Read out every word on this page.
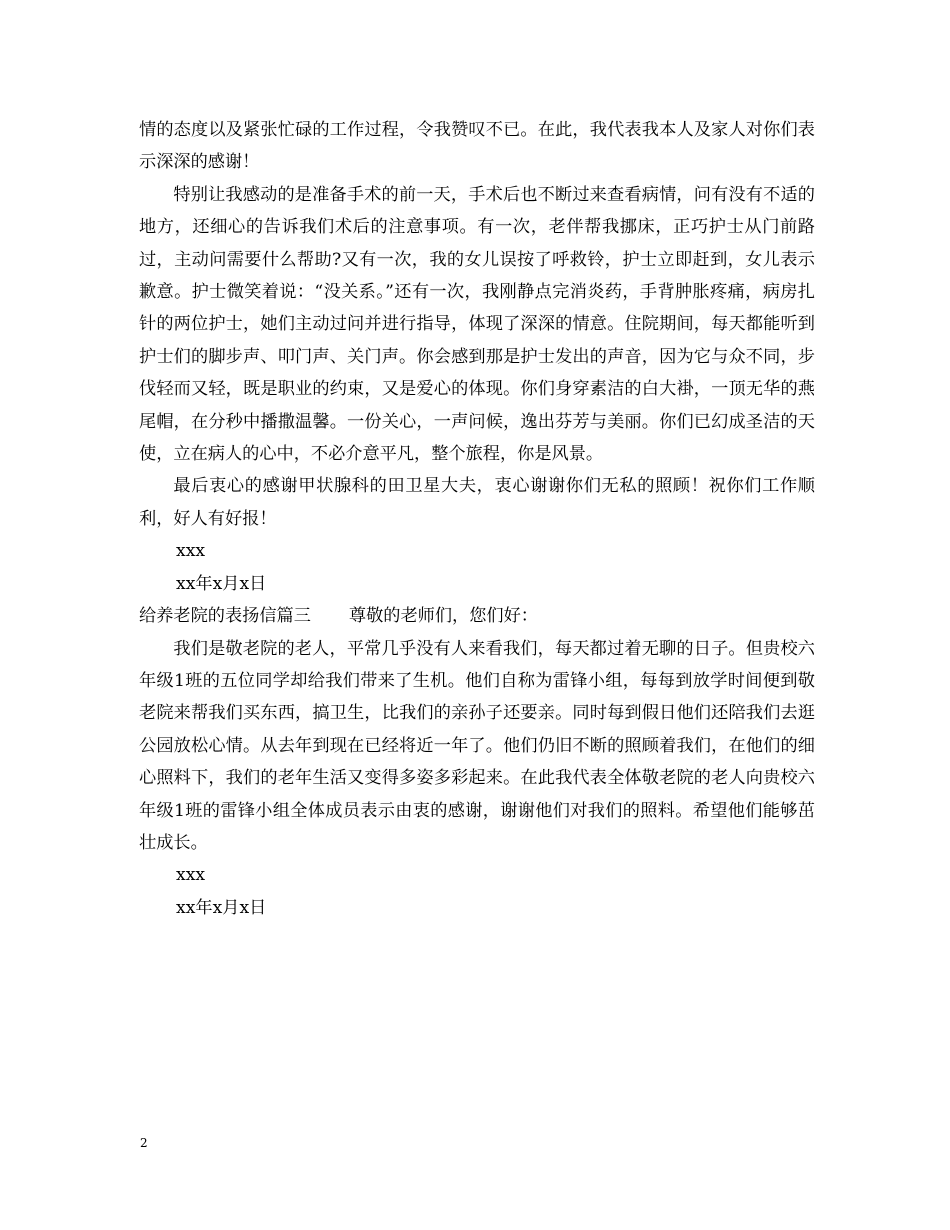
情的态度以及紧张忙碌的工作过程，令我赞叹不已。在此，我代表我本人及家人对你们表示深深的感谢！

特别让我感动的是准备手术的前一天，手术后也不断过来查看病情，问有没有不适的地方，还细心的告诉我们术后的注意事项。有一次，老伴帮我挪床，正巧护士从门前路过，主动问需要什么帮助?又有一次，我的女儿误按了呼救铃，护士立即赶到，女儿表示歉意。护士微笑着说：“没关系。”还有一次，我刚静点完消炎药，手背肿胀疼痛，病房扎针的两位护士，她们主动过问并进行指导，体现了深深的情意。住院期间，每天都能听到护士们的脚步声、叩门声、关门声。你会感到那是护士发出的声音，因为它与众不同，步伐轻而又轻，既是职业的约束，又是爱心的体现。你们身穿素洁的白大褂，一顶无华的燕尾帽，在分秒中播撒温馨。一份关心，一声问候，逸出芬芳与美丽。你们已幻成圣洁的天使，立在病人的心中，不必介意平凡，整个旅程，你是风景。

最后衷心的感谢甲状腺科的田卫星大夫，衷心谢谢你们无私的照顾！祝你们工作顺利，好人有好报！

xxx

xx年x月x日

给养老院的表扬信篇三 尊敬的老师们，您们好：

我们是敬老院的老人，平常几乎没有人来看我们，每天都过着无聊的日子。但贵校六年级1班的五位同学却给我们带来了生机。他们自称为雷锋小组，每每到放学时间便到敬老院来帮我们买东西，搞卫生，比我们的亲孙子还要亲。同时每到假日他们还陪我们去逛公园放松心情。从去年到现在已经将近一年了。他们仍旧不断的照顾着我们，在他们的细心照料下，我们的老年生活又变得多姿多彩起来。在此我代表全体敬老院的老人向贵校六年级1班的雷锋小组全体成员表示由衷的感谢，谢谢他们对我们的照料。希望他们能够茁壮成长。

xxx

xx年x月x日

2
